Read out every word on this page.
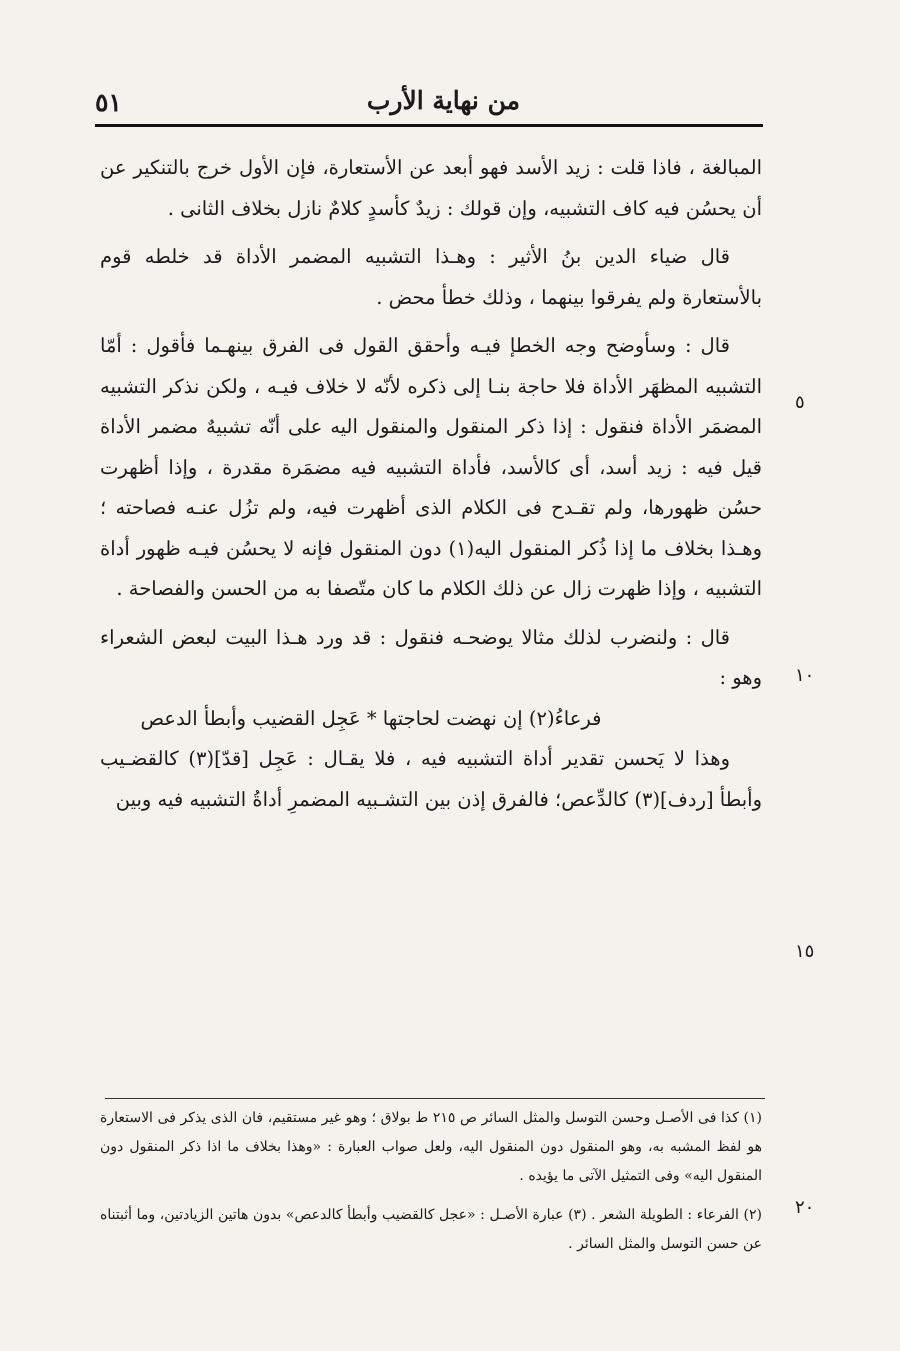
من نهاية الأرب
٥١
٥
١٠
١٥
٢٠

المبالغة ، فاذا قلت : زيد الأسد فهو أبعد عن الأستعارة، فإن الأول خرج بالتنكير عن أن يحسُن فيه كاف التشبيه، وإن قولك : زيدٌ كأسدٍ كلامٌ نازل بخلاف الثانى .

قال ضياء الدين بنُ الأثير : وهـذا التشبيه المضمر الأداة قد خلطه قوم بالأستعارة ولم يفرقوا بينهما ، وذلك خطأ محض .

قال : وسأوضح وجه الخطإ فيـه وأحقق القول فى الفرق بينهـما فأقول : أمّا التشبيه المظهَر الأداة فلا حاجة بنـا إلى ذكره لأنّه لا خلاف فيـه ، ولكن نذكر التشبيه المضمَر الأداة فنقول : إذا ذكر المنقول والمنقول اليه على أنّه تشبيهٌ مضمر الأداة قيل فيه : زيد أسد، أى كالأسد، فأداة التشبيه فيه مضمَرة مقدرة ، وإذا أظهرت حسُن ظهورها، ولم تقـدح فى الكلام الذى أظهرت فيه، ولم تزُل عنـه فصاحته ؛ وهـذا بخلاف ما إذا ذُكر المنقول اليه(١) دون المنقول فإنه لا يحسُن فيـه ظهور أداة التشبيه ، وإذا ظهرت زال عن ذلك الكلام ما كان متّصفا به من الحسن والفصاحة .

قال : ولنضرب لذلك مثالا يوضحـه فنقول : قد ورد هـذا البيت لبعض الشعراء وهو :

فرعاءُ(٢) إن نهضت لحاجتها * عَجِل القضيب وأبطأ الدعص

وهذا لا يَحسن تقدير أداة التشبيه فيه ، فلا يقـال : عَجِل [قدّ](٣) كالقضـيب وأبطأ [ردف](٣) كالدِّعص؛ فالفرق إذن بين التشـبيه المضمرِ أداةُ التشبيه فيه وبين

(١) كذا فى الأصـل وحسن التوسل والمثل السائر ص ٢١٥ ط بولاق ؛ وهو غير مستقيم، فان الذى يذكر فى الاستعارة هو لفظ المشبه به، وهو المنقول دون المنقول اليه، ولعل صواب العبارة : «وهذا بخلاف ما اذا ذكر المنقول دون المنقول اليه» وفى التمثيل الآتى ما يؤيده .

(٢) الفرعاء : الطويلة الشعر . (٣) عبارة الأصـل : «عجل كالقضيب وأبطأ كالدعص» بدون هاتين الزيادتين، وما أثبتناه عن حسن التوسل والمثل السائر .
